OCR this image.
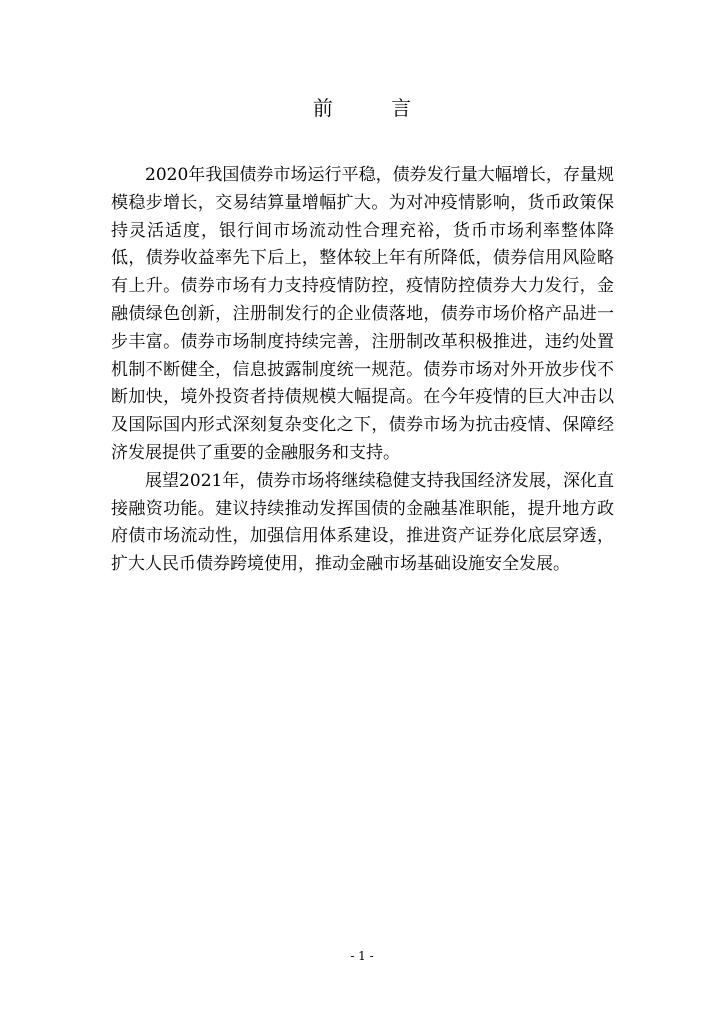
前 言

2020年我国债券市场运行平稳，债券发行量大幅增长，存量规模稳步增长，交易结算量增幅扩大。为对冲疫情影响，货币政策保持灵活适度，银行间市场流动性合理充裕，货币市场利率整体降低，债券收益率先下后上，整体较上年有所降低，债券信用风险略有上升。债券市场有力支持疫情防控，疫情防控债券大力发行，金融债绿色创新，注册制发行的企业债落地，债券市场价格产品进一步丰富。债券市场制度持续完善，注册制改革积极推进，违约处置机制不断健全，信息披露制度统一规范。债券市场对外开放步伐不断加快，境外投资者持债规模大幅提高。在今年疫情的巨大冲击以及国际国内形式深刻复杂变化之下，债券市场为抗击疫情、保障经济发展提供了重要的金融服务和支持。

展望2021年，债券市场将继续稳健支持我国经济发展，深化直接融资功能。建议持续推动发挥国债的金融基准职能，提升地方政府债市场流动性，加强信用体系建设，推进资产证券化底层穿透，扩大人民币债券跨境使用，推动金融市场基础设施安全发展。

- 1 -
